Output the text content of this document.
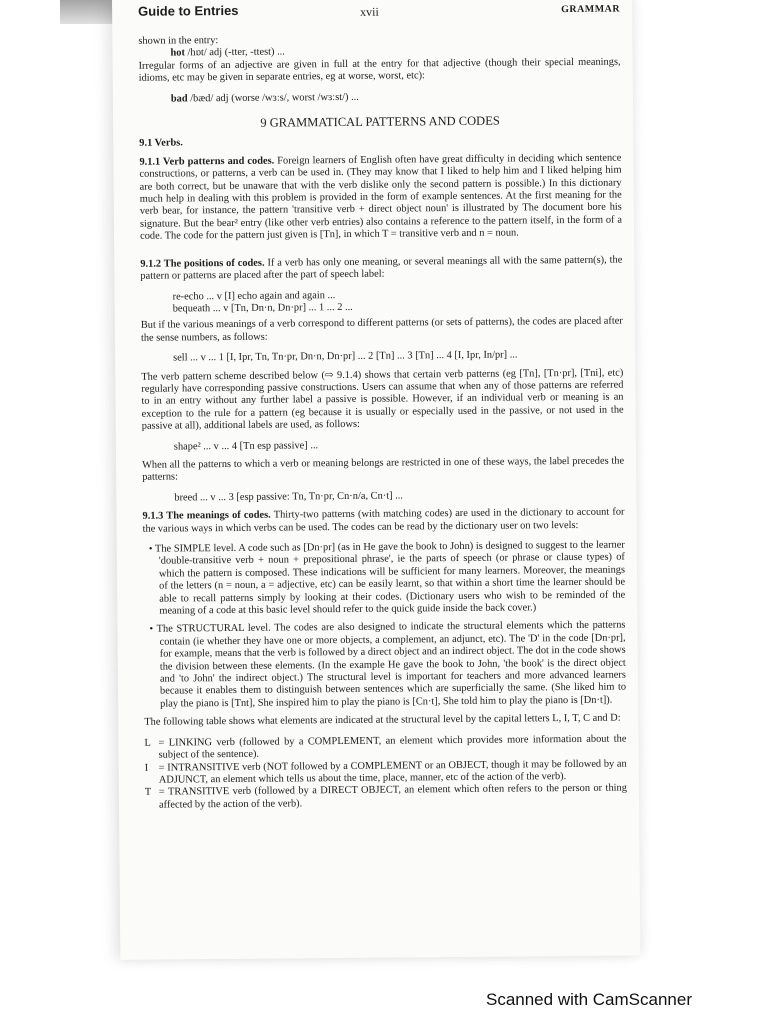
Guide to Entries	xvii	GRAMMAR

shown in the entry:

hot /hɒt/ adj (-tter, -ttest) ...

Irregular forms of an adjective are given in full at the entry for that adjective (though their special meanings, idioms, etc may be given in separate entries, eg at worse, worst, etc):

bad /bæd/ adj (worse /wɜːs/, worst /wɜːst/) ...

9 GRAMMATICAL PATTERNS AND CODES

9.1 Verbs.

9.1.1 Verb patterns and codes. Foreign learners of English often have great difficulty in deciding which sentence constructions, or patterns, a verb can be used in. (They may know that I liked to help him and I liked helping him are both correct, but be unaware that with the verb dislike only the second pattern is possible.) In this dictionary much help in dealing with this problem is provided in the form of example sentences. At the first meaning for the verb bear, for instance, the pattern 'transitive verb + direct object noun' is illustrated by The document bore his signature. But the bear² entry (like other verb entries) also contains a reference to the pattern itself, in the form of a code. The code for the pattern just given is [Tn], in which T = transitive verb and n = noun.

9.1.2 The positions of codes. If a verb has only one meaning, or several meanings all with the same pattern(s), the pattern or patterns are placed after the part of speech label:

re-echo ... v [I] echo again and again ...

bequeath ... v [Tn, Dn·n, Dn·pr] ... 1 ... 2 ...

But if the various meanings of a verb correspond to different patterns (or sets of patterns), the codes are placed after the sense numbers, as follows:

sell ... v ... 1 [I, Ipr, Tn, Tn·pr, Dn·n, Dn·pr] ... 2 [Tn] ... 3 [Tn] ... 4 [I, Ipr, In/pr] ...

The verb pattern scheme described below (⇨ 9.1.4) shows that certain verb patterns (eg [Tn], [Tn·pr], [Tni], etc) regularly have corresponding passive constructions. Users can assume that when any of those patterns are referred to in an entry without any further label a passive is possible. However, if an individual verb or meaning is an exception to the rule for a pattern (eg because it is usually or especially used in the passive, or not used in the passive at all), additional labels are used, as follows:

shape² ... v ... 4 [Tn esp passive] ...

When all the patterns to which a verb or meaning belongs are restricted in one of these ways, the label precedes the patterns:

breed ... v ... 3 [esp passive: Tn, Tn·pr, Cn·n/a, Cn·t] ...

9.1.3 The meanings of codes. Thirty-two patterns (with matching codes) are used in the dictionary to account for the various ways in which verbs can be used. The codes can be read by the dictionary user on two levels:

• The SIMPLE level. A code such as [Dn·pr] (as in He gave the book to John) is designed to suggest to the learner 'double-transitive verb + noun + prepositional phrase', ie the parts of speech (or phrase or clause types) of which the pattern is composed. These indications will be sufficient for many learners. Moreover, the meanings of the letters (n = noun, a = adjective, etc) can be easily learnt, so that within a short time the learner should be able to recall patterns simply by looking at their codes. (Dictionary users who wish to be reminded of the meaning of a code at this basic level should refer to the quick guide inside the back cover.)

• The STRUCTURAL level. The codes are also designed to indicate the structural elements which the patterns contain (ie whether they have one or more objects, a complement, an adjunct, etc). The 'D' in the code [Dn·pr], for example, means that the verb is followed by a direct object and an indirect object. The dot in the code shows the division between these elements. (In the example He gave the book to John, 'the book' is the direct object and 'to John' the indirect object.) The structural level is important for teachers and more advanced learners because it enables them to distinguish between sentences which are superficially the same. (She liked him to play the piano is [Tnt], She inspired him to play the piano is [Cn·t], She told him to play the piano is [Dn·t]).

The following table shows what elements are indicated at the structural level by the capital letters L, I, T, C and D:

L = LINKING verb (followed by a COMPLEMENT, an element which provides more information about the subject of the sentence).
I	= INTRANSITIVE verb (NOT followed by a COMPLEMENT or an OBJECT, though it may be followed by an ADJUNCT, an element which tells us about the time, place, manner, etc of the action of the verb).
T = TRANSITIVE verb (followed by a DIRECT OBJECT, an element which often refers to the person or thing affected by the action of the verb).
Scanned with CamScanner
